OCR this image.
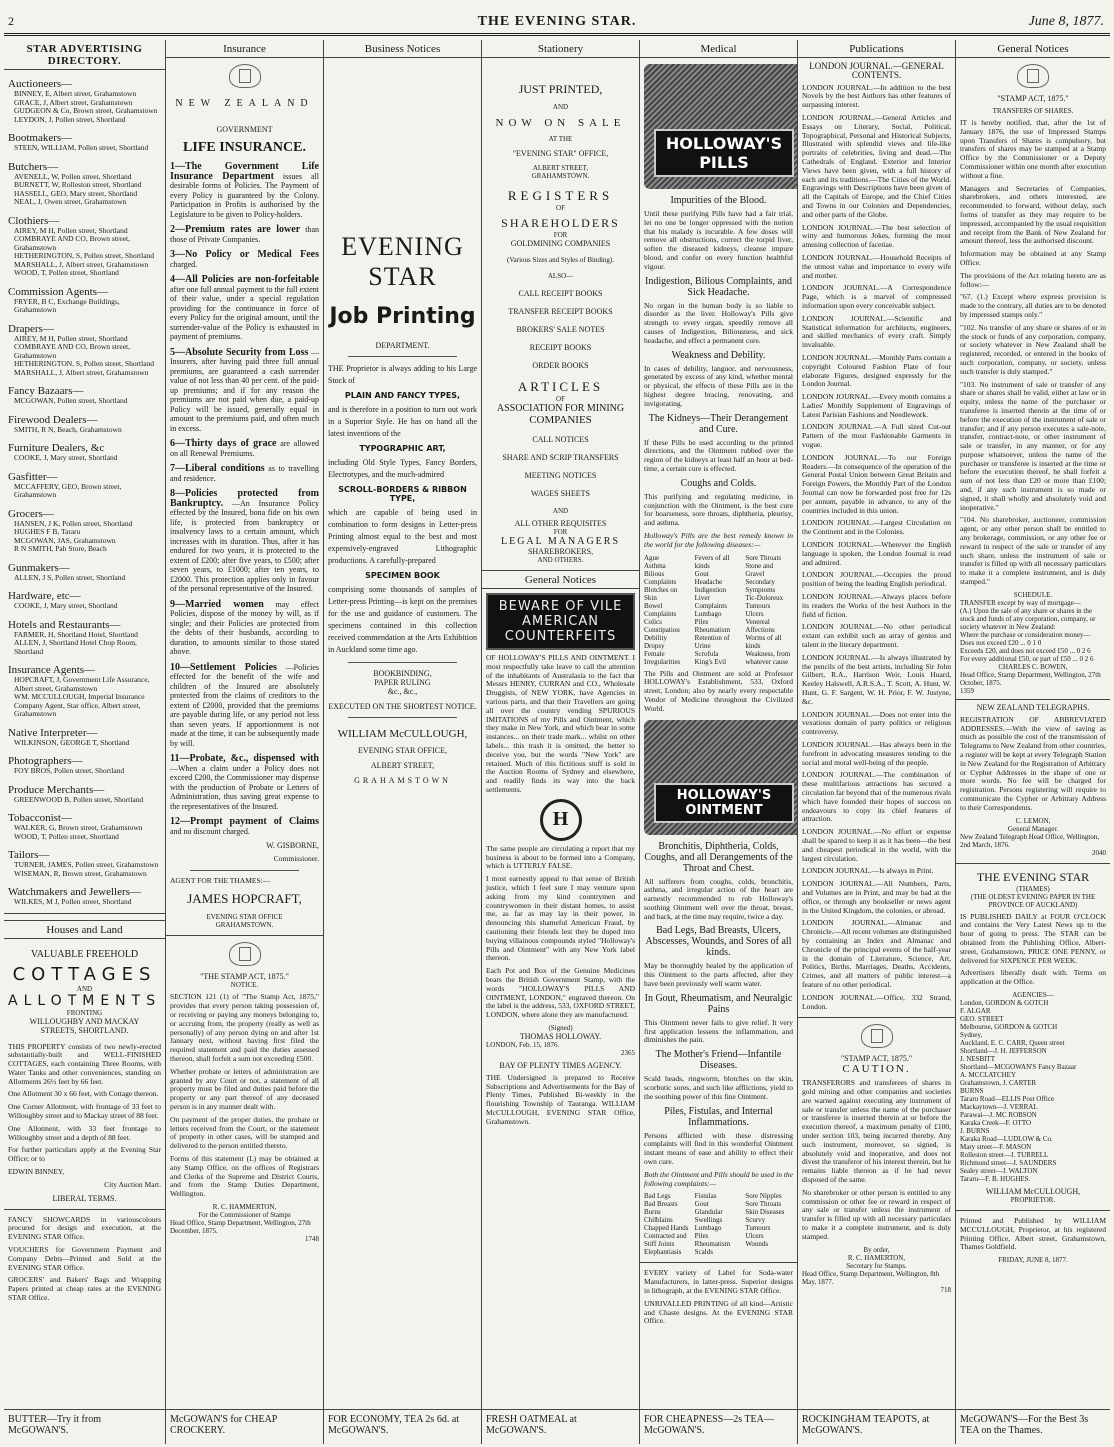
2	THE EVENING STAR.	June 8, 1877.
STAR ADVERTISING DIRECTORY.
Auctioneers—
BINNEY, E, Albert street, Grahamstown
GRACE, J, Albert street, Grahamstown
GUDGEON & Co, Brown street, Grahamstown
LEYDON, J, Pollen street, Shortland
Bootmakers—
STEEN, WILLIAM, Pollen street, Shortland
Butchers—
AVENELL, W, Pollen street, Shortland
BURNETT, W, Rolleston street, Shortland
HASSELL, GEO, Mary street, Shortland
NEAL, J, Owen street, Grahamstown
Clothiers—
AIREY, M H, Pollen street, Shortland
COMBRAYE AND CO, Brown street, Grahamstown
HETHERINGTON, S, Pollen street, Shortland
MARSHALL, J, Albert street, Grahamstown
WOOD, T, Pollen street, Shortland
Commission Agents—
FRYER, B C, Exchange Buildings, Grahamstown
Drapers—
AIREY, M H, Pollen street, Shortland
COMBRAYE AND CO, Brown street, Grahamstown
HETHERINGTON, S, Pollen street, Shortland
MARSHALL, J, Albert street, Grahamstown
Fancy Bazaars—
MCGOWAN, Pollen street, Shortland
Firewood Dealers—
SMITH, R N, Beach, Grahamstown
Furniture Dealers, &c
COOKE, J, Mary street, Shortland
Gasfitter—
MCCAFFERY, GEO, Brown street, Grahamstown
Grocers—
HANSEN, J K, Pollen street, Shortland
HUGHES F B, Tararu
MCGOWAN, JAS, Grahamstown
R N SMITH, Pah Store, Beach
Gunmakers—
ALLEN, J S, Pollen street, Shortland
Hardware, etc—
COOKE, J, Mary street, Shortland
Hotels and Restaurants—
FARMER, H, Shortland Hotel, Shortland
ALLEN, J, Shortland Hotel Chop Room, Shortland
Insurance Agents—
HOPCRAFT, J, Government Life Assurance, Albert street, Grahamstown
WM. MCCULLOUGH, Imperial Insurance Company Agent, Star office, Albert street, Grahamstown
Native Interpreter—
WILKINSON, GEORGE T, Shortland
Photographers—
FOY BROS, Pollen street, Shortland
Produce Merchants—
GREENWOOD B, Pollen street, Shortland
Tobacconist—
WALKER, G, Brown street, Grahamstown
WOOD, T, Pollen street, Shortland
Tailors—
TURNER, JAMES, Pollen street, Grahamstown
WISEMAN, R, Brown street, Grahamstown
Watchmakers and Jewellers—
WILKES, M J, Pollen street, Shortland
Houses and Land
VALUABLE FREEHOLD
COTTAGES
AND
ALLOTMENTS
FRONTING
WILLOUGHBY AND MACKAY
STREETS, SHORTLAND.
THIS PROPERTY consists of two newly-erected substantially-built and WELL-FINISHED COTTAGES, each containing Three Rooms, with Water Tanks and other conveniences, standing on Allotments 26½ feet by 66 feet.
One Allotment 30 x 66 feet, with Cottage thereon.
One Corner Allotment, with frontage of 33 feet to Willoughby street and to Mackay street of 88 feet.
One Allotment, with 33 feet frontage to Willoughby street and a depth of 88 feet.
For further particulars apply at the Evening Star Office; or to
EDWIN BINNEY,
City Auction Mart.
LIBERAL TERMS.
FANCY SHOWCARDS in variouscolours procured for design and execution, at the EVENING STAR Office.
VOUCHERS for Government Payment and Company Debts—Printed and Sold at the EVENING STAR Office.
GROCERS' and Bakers' Bags and Wrapping Papers printed at cheap rates at the EVENING STAR Office.
BUTTER—Try it from McGOWAN'S.
Insurance
NEW ZEALAND
GOVERNMENT
LIFE INSURANCE.
1—The Government Life Insurance Department issues all desirable forms of Policies. The Payment of every Policy is guaranteed by the Colony. Participation in Profits is authorised by the Legislature to be given to Policy-holders.
2—Premium rates are lower than those of Private Companies.
3—No Policy or Medical Fees charged.
4—All Policies are non-forfeitable after one full annual payment to the full extent of their value, under a special regulation providing for the continuance in force of every Policy for the original amount, until the surrender-value of the Policy is exhausted in payment of premiums.
5—Absolute Security from Loss —Insurers, after having paid three full annual premiums, are guaranteed a cash surrender value of not less than 40 per cent. of the paid-up premiums; and if for any reason the premiums are not paid when due, a paid-up Policy will be issued, generally equal in amount to the premiums paid, and often much in excess.
6—Thirty days of grace are allowed on all Renewal Premiums.
7—Liberal conditions as to travelling and residence.
8—Policies protected from Bankruptcy. —An Insurance Policy effected by the Insured, bona fide on his own life, is protected from bankruptcy or insolvency laws to a certain amount, which increases with its duration. Thus, after it has endured for two years, it is protected to the extent of £200; after five years, to £500; after seven years, to £1000; after ten years, to £2000. This protection applies only in favour of the personal representative of the Insured.
9—Married women may effect Policies, dispose of the money by will, as if single; and their Policies are protected from the debts of their husbands, according to duration, to amounts similar to those stated above.
10—Settlement Policies —Policies effected for the benefit of the wife and children of the Insured are absolutely protected from the claims of creditors to the extent of £2000, provided that the premiums are payable during life, or any period not less than seven years. If apportionment is not made at the time, it can be subsequently made by will.
11—Probate, &c., dispensed with —When a claim under a Policy does not exceed £200, the Commissioner may dispense with the production of Probate or Letters of Administration, thus saving great expense to the representatives of the Insured.
12—Prompt payment of Claims and no discount charged.
W. GISBORNE,
Commissioner.
AGENT FOR THE THAMES:—
JAMES HOPCRAFT,
EVENING STAR OFFICE
GRAHAMSTOWN.
"THE STAMP ACT, 1875."
NOTICE.
SECTION 121 (1) of "The Stamp Act, 1875," provides that every person taking possession of, or receiving or paying any moneys belonging to, or accruing from, the property (really as well as personally) of any person dying on and after 1st January next, without having first filed the required statement and paid the duties assessed thereon, shall forfeit a sum not exceeding £500.
Whether probate or letters of administration are granted by any Court or not, a statement of all property must be filed and duties paid before the property or any part thereof of any deceased person is in any manner dealt with.
On payment of the proper duties, the probate or letters received from the Court, or the statement of property in other cases, will be stamped and delivered to the person entitled thereto.
Forms of this statement (L) may be obtained at any Stamp Office, on the offices of Registrars and Clerks of the Supreme and District Courts, and from the Stamp Duties Department, Wellington.
R. C. HAMMERTON,
For the Commissioner of Stamps
Head Office, Stamp Department, Wellington, 27th December, 1875.
1748
McGOWAN'S for CHEAP CROCKERY.
Business Notices
EVENING STAR
Job Printing
DEPARTMENT.
THE Proprietor is always adding to his Large Stock of
PLAIN AND FANCY TYPES,
and is therefore in a position to turn out work in a Superior Style. He has on hand all the latest inventions of the
TYPOGRAPHIC ART,
including Old Style Types, Fancy Borders, Electrotypes, and the much-admired
SCROLL-BORDERS & RIBBON TYPE,
which are capable of being used in combination to form designs in Letter-press Printing almost equal to the best and most expensively-engraved Lithographic productions. A carefully-prepared
SPECIMEN BOOK
comprising some thousands of samples of Letter-press Printing—is kept on the premises for the use and guidance of customers. The specimens contained in this collection received commendation at the Arts Exhibition in Auckland some time ago.
BOOKBINDING,
PAPER RULING
&c., &c.,
EXECUTED ON THE SHORTEST NOTICE.
WILLIAM McCULLOUGH,
EVENING STAR OFFICE,
ALBERT STREET,
GRAHAMSTOWN
FOR ECONOMY, TEA 2s 6d. at McGOWAN'S.
Stationery
JUST PRINTED,
AND
NOW ON SALE
AT THE
"EVENING STAR" OFFICE,
ALBERT STREET,
GRAHAMSTOWN.
REGISTERS
OF
SHAREHOLDERS
FOR
GOLDMINING COMPANIES
(Various Sizes and Styles of Binding).
ALSO—
CALL RECEIPT BOOKS
TRANSFER RECEIPT BOOKS
BROKERS' SALE NOTES
RECEIPT BOOKS
ORDER BOOKS
ARTICLES
OF
ASSOCIATION FOR MINING
COMPANIES
CALL NOTICES
SHARE AND SCRIP TRANSFERS
MEETING NOTICES
WAGES SHEETS
AND
ALL OTHER REQUISITES
FOR
LEGAL MANAGERS
SHAREBROKERS,
AND OTHERS.
General Notices
BEWARE OF VILE
AMERICAN COUNTERFEITS
OF HOLLOWAY'S PILLS AND OINTMENT. I most respectfully take leave to call the attention of the inhabitants of Australasia to the fact that Messrs HENRY, CURRAN and CO., Wholesale Druggists, of NEW YORK, have Agencies in various parts, and that their Travellers are going all over the country vending SPURIOUS IMITATIONS of my Pills and Ointment, which they make in New York, and which bear in some instances... on their trade mark... whilst on other labels... this trash it is omitted, the better to deceive you, but the words "New York" are retained. Much of this fictitious stuff is sold in the Auction Rooms of Sydney and elsewhere, and readily finds its way into the back settlements.
H
The same people are circulating a report that my business is about to be formed into a Company, which is UTTERLY FALSE.
I most earnestly appeal to that sense of British justice, which I feel sure I may venture upon asking from my kind countrymen and countrywomen in their distant homes, to assist me, as far as may lay in their power, in denouncing this shameful American Fraud, by cautioning their friends lest they be duped into buying villainous compounds styled "Holloway's Pills and Ointment" with any New York label thereon.
Each Pot and Box of the Genuine Medicines bears the British Government Stamp, with the words "HOLLOWAY'S PILLS AND OINTMENT, LONDON," engraved thereon. On the label is the address, 533, OXFORD STREET, LONDON, where alone they are manufactured.
(Signed)
THOMAS HOLLOWAY.
LONDON, Feb. 15, 1876.
2365
BAY OF PLENTY TIMES AGENCY.
THE Undersigned is prepared to Receive Subscriptions and Advertisements for the Bay of Plenty Times, Published Bi-weekly in the flourishing Township of Tauranga. WILLIAM McCULLOUGH, EVENING STAR Office, Grahamstown.
FRESH OATMEAL at McGOWAN'S.
Medical
HOLLOWAY'S PILLS
Impurities of the Blood.
Until these purifying Pills have had a fair trial, let no one be longer oppressed with the notion that his malady is incurable. A few doses will remove all obstructions, correct the torpid liver, soften the diseased kidneys, cleanse impure blood, and confer on every function healthful vigour.
Indigestion, Bilious Complaints, and Sick Headache.
No organ in the human body is so liable to disorder as the liver. Holloway's Pills give strength to every organ, speedily remove all causes of Indigestion, Biliousness, and sick headache, and effect a permanent cure.
Weakness and Debility.
In cases of debility, languor, and nervousness, generated by excess of any kind, whether mental or physical, the effects of these Pills are in the highest degree bracing, renovating, and invigorating.
The Kidneys—Their Derangement and Cure.
If these Pills be used according to the printed directions, and the Ointment rubbed over the region of the kidneys at least half an hour at bed-time, a certain cure is effected.
Coughs and Colds.
This purifying and regulating medicine, in conjunction with the Ointment, is the best cure for hoarseness, sore throats, diphtheria, pleurisy, and asthma.
Holloway's Pills are the best remedy known in the world for the following diseases:—
Ague
Asthma
Bilious Complaints
Blotches on Skin
Bowel Complaints
Colics
Constipation
Debility
Dropsy
Female Irregularities
Fevers of all kinds
Gout
Headache
Indigestion
Liver Complaints
Lumbago
Piles
Rheumatism
Retention of Urine
Scrofula
King's Evil
Sore Throats
Stone and Gravel
Secondary Symptoms
Tic-Doloreux
Tumours
Ulcers
Venereal Affections
Worms of all kinds
Weakness, from whatever cause
The Pills and Ointment are sold at Professor HOLLOWAY's Establishment, 533, Oxford street, London; also by nearly every respectable Vendor of Medicine throughout the Civilized World.
HOLLOWAY'S OINTMENT
Bronchitis, Diphtheria, Colds, Coughs, and all Derangements of the Throat and Chest.
All sufferers from coughs, colds, bronchitis, asthma, and irregular action of the heart are earnestly recommended to rub Holloway's soothing Ointment well over the throat, breast, and back, at the time may require, twice a day.
Bad Legs, Bad Breasts, Ulcers, Abscesses, Wounds, and Sores of all kinds.
May be thoroughly healed by the application of this Ointment to the parts affected, after they have been previously well warm water.
In Gout, Rheumatism, and Neuralgic Pains
This Ointment never fails to give relief. It very first application lessens the inflammation, and diminishes the pain.
The Mother's Friend—Infantile Diseases.
Scald heads, ringworm, blotches on the skin, scorbutic sores, and such like afflictions, yield to the soothing power of this fine Ointment.
Piles, Fistulas, and Internal Inflammations.
Persons afflicted with these distressing complaints will find in this wonderful Ointment instant means of ease and ability to effect their own cure.
Both the Ointment and Pills should be used in the following complaints:—
Bad Legs
Bad Breasts
Burns
Chilblains
Chapped Hands
Contracted and Stiff Joints
Elephantiasis
Fistulas
Gout
Glandular Swellings
Lumbago
Piles
Rheumatism
Scalds
Sore Nipples
Sore Throats
Skin Diseases
Scurvy
Tumours
Ulcers
Wounds
EVERY variety of Label for Soda-water Manufacturers, in latter-press. Superior designs in lithograph, at the EVENING STAR Office.
UNRIVALLED PRINTING of all kind—Artistic and Chaste designs. At the EVENING STAR Office.
FOR CHEAPNESS—2s TEA—McGOWAN'S.
Publications
LONDON JOURNAL.—GENERAL CONTENTS.
LONDON JOURNAL.—In addition to the best Novels by the best Authors has other features of surpassing interest.
LONDON JOURNAL.—General Articles and Essays on Literary, Social, Political, Topographical, Personal and Historical Subjects, Illustrated with splendid views and life-like portraits of celebrities, living and dead.—The Cathedrals of England. Exterior and Interior Views have been given, with a full history of each and its traditions.—The Cities of the World. Engravings with Descriptions have been given of all the Capitals of Europe, and the Chief Cities and Towns in our Colonies and Dependencies, and other parts of the Globe.
LONDON JOURNAL.—The best selection of witty and humorous Jokes, forming the most amusing collection of facetiae.
LONDON JOURNAL.—Household Receipts of the utmost value and importance to every wife and mother.
LONDON JOURNAL.—A Correspondence Page, which is a marvel of compressed information upon every conceivable subject.
LONDON JOURNAL.—Scientific and Statistical information for architects, engineers, and skilled mechanics of every craft. Simply invaluable.
LONDON JOURNAL.—Monthly Parts contain a copyright Coloured Fashion Plate of four elaborate Figures, designed expressly for the London Journal.
LONDON JOURNAL.—Every month contains a Ladies' Monthly Supplement of Engravings of Latest Parisian Fashions and Needlework.
LONDON JOURNAL.—A Full sized Cut-out Pattern of the most Fashionable Garments in vogue.
LONDON JOURNAL.—To our Foreign Readers.—In consequence of the operation of the General Postal Union between Great Britain and Foreign Powers, the Monthly Part of the London Journal can now be forwarded post free for 12s per annum, payable in advance, to any of the countries included in this union.
LONDON JOURNAL.—Largest Circulation on the Continent and in the Colonies.
LONDON JOURNAL.—Wherever the English language is spoken, the London Journal is read and admired.
LONDON JOURNAL.—Occupies the proud position of being the leading English periodical.
LONDON JOURNAL.—Always places before its readers the Works of the best Authors in the field of fiction.
LONDON JOURNAL.—No other periodical extant can exhibit such an array of genius and talent in the literary department.
LONDON JOURNAL.—Is always illustrated by the pencils of the best artists, including Sir John Gilbert, R.A., Harrison Weir, Louis Huard, Keeley Halswell, A.R.S.A., T. Scott, A. Hunt, W. Hunt, G. F. Sargent, W. H. Prior, F. W. Justyne, &c.
LONDON JOURNAL.—Does not enter into the vexatious domain of party politics or religious controversy.
LONDON JOURNAL.—Has always been in the forefront in advocating measures tending to the social and moral well-being of the people.
LONDON JOURNAL.—The combination of these multifarious attractions has secured a circulation far beyond that of the numerous rivals which have founded their hopes of success on endeavours to copy its chief features of attraction.
LONDON JOURNAL.—No effort or expense shall be spared to keep it as it has been—the best and cheapest periodical in the world, with the largest circulation.
LONDON JOURNAL.—Is always in Print.
LONDON JOURNAL.—All Numbers, Parts, and Volumes are in Print, and may be had at the office, or through any bookseller or news agent in the United Kingdom, the colonies, or abroad.
LONDON JOURNAL.—Almanac and Chronicle.—All recent volumes are distinguished by containing an Index and Almanac and Chronicle of the principal events of the half-year in the domain of Literature, Science, Art, Politics, Births, Marriages, Deaths, Accidents, Crimes, and all matters of public interest—a feature of no other periodical.
LONDON JOURNAL.—Office, 332 Strand, London.
"STAMP ACT, 1875."
CAUTION.
TRANSFERORS and transferees of shares in gold mining and other companies and societies are warned against executing any instrument of sale or transfer unless the name of the purchaser or transferee is inserted therein at or before the execution thereof, a maximum penalty of £100, under section 103, being incurred thereby. Any such instrument, moreover, so signed, is absolutely void and inoperative, and does not divest the transferor of his interest therein, but he remains liable thereon as if he had never disposed of the same.
No sharebroker or other person is entitled to any commission or other fee or reward in respect of any sale or transfer unless the instrument of transfer is filled up with all necessary particulars to make it a complete instrument, and is duly stamped.
By order,
R. C. HAMERTON,
Secretary for Stamps.
Head Office, Stamp Department, Wellington, 8th May, 1877.
718
ROCKINGHAM TEAPOTS, at McGOWAN'S.
General Notices
"STAMP ACT, 1875."
TRANSFERS OF SHARES.
IT is hereby notified, that, after the 1st of January 1876, the use of Impressed Stamps upon Transfers of Shares is compulsory, but transfers of shares may be stamped at a Stamp Office by the Commissioner or a Deputy Commissioner within one month after execution without a fine.
Managers and Secretaries of Companies, sharebrokers, and others interested, are recommended to forward, without delay, such forms of transfer as they may require to be impressed, accompanied by the usual requisition and receipt from the Bank of New Zealand for amount thereof, less the authorised discount.
Information may be obtained at any Stamp Office.
The provisions of the Act relating hereto are as follow:—
"67. (1.) Except where express provision is made to the contrary, all duties are to be denoted by impressed stamps only."
"102. No transfer of any share or shares of or in the stock or funds of any corporation, company, or society whatever in New Zealand shall be registered, recorded, or entered in the books of such corporation, company, or society, unless such transfer is duly stamped."
"103. No instrument of sale or transfer of any share or shares shall be valid, either at law or in equity, unless the name of the purchaser or transferee is inserted therein at the time of or before the execution of the instrument of sale or transfer; and if any person executes a sale-note, transfer, contract-note, or other instrument of sale or transfer, in any manner, or for any purpose whatsoever, unless the name of the purchaser or transferee is inserted at the time or before the execution thereof, he shall forfeit a sum of not less than £20 or more than £100; and, if any such instrument is so made or signed, it shall wholly and absolutely void and inoperative."
"104. No sharebroker, auctioneer, commission agent, or any other person shall be entitled to any brokerage, commission, or any other fee or reward in respect of the sale or transfer of any such share, unless the instrument of sale or transfer is filled up with all necessary particulars to make it a complete instrument, and is duly stamped."
SCHEDULE.
TRANSFER except by way of mortgage—
(A.) Upon the sale of any share or shares in the stock and funds of any corporation, company, or society whatever in New Zealand:
Where the purchase or consideration money—
Does not exceed £20 ... 0 1 0
Exceeds £20, and does not exceed £50 ... 0 2 6
For every additional £50, or part of £50 ... 0 2 6
CHARLES C. BOWEN,
Head Office, Stamp Department, Wellington, 27th October, 1875.
1359
NEW ZEALAND TELEGRAPHS.
REGISTRATION OF ABBREVIATED ADDRESSES.—With the view of saving as much as possible the cost of the transmission of Telegrams to New Zealand from other countries, a register will be kept at every Telegraph Station in New Zealand for the Registration of Arbitrary or Cypher Addresses in the shape of one or more words. No fee will be charged for registration. Persons registering will require to communicate the Cypher or Arbitrary Address to their Correspondents.
C. LEMON,
General Manager.
New Zealand Telegraph Head Office, Wellington, 2nd March, 1876.
2040
THE EVENING STAR
(THAMES)
(THE OLDEST EVENING PAPER IN THE PROVINCE OF AUCKLAND)
IS PUBLISHED DAILY at FOUR O'CLOCK and contains the Very Latest News up to the hour of going to press. The STAR can be obtained from the Publishing Office, Albert-street, Grahamstown, PRICE ONE PENNY, or delivered for SIXPENCE PER WEEK.
Advertisers liberally dealt with. Terms on application at the Office.
AGENCIES—
London, GORDON & GOTCH
F. ALGAR
GEO. STREET
Melbourne, GORDON & GOTCH
Sydney,
Auckland, E. C. CARR, Queen street
Shortland—J. H. JEFFERSON
J. NESBITT
Shortland—MCGOWAN'S Fancy Bazaar
A. MCCLATCHEY
Grahamstown, J. CARTER
BURNS
Tararu Road—ELLIS Post Office
Mackaytown—J. VERRAL
Parawai—J. MC ROBSON
Karaka Creek—F. OTTO
J. BURNS
Karaka Road—LUDLOW & Co.
Mary street—F. MASON
Rolleston street—J. TURRELL
Richmond street—J. SAUNDERS
Sealey street—J. WALTON
Tararu—F. B. HUGHES.
WILLIAM McCULLOUGH,
PROPRIETOR.
Printed and Published by WILLIAM MCCULLOUGH, Proprietor, at his registered Printing Office, Albert street, Grahamstown, Thames Goldfield.
FRIDAY, JUNE 8, 1877.
McGOWAN'S—For the Best 3s TEA on the Thames.
